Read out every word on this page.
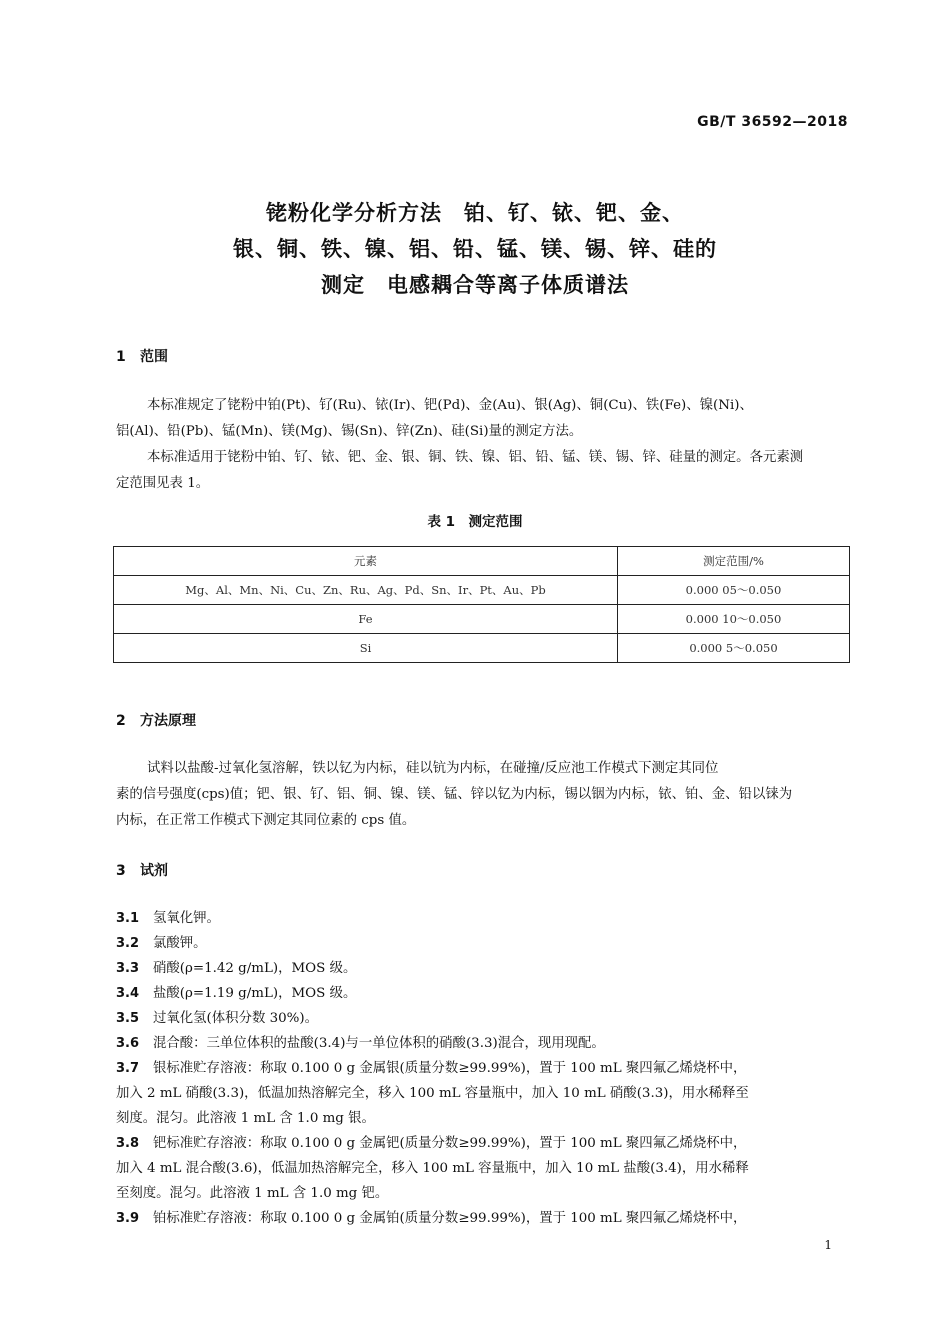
GB/T 36592—2018
铑粉化学分析方法　铂、钌、铱、钯、金、
银、铜、铁、镍、铝、铅、锰、镁、锡、锌、硅的
测定　电感耦合等离子体质谱法
1 范围
本标准规定了铑粉中铂(Pt)、钌(Ru)、铱(Ir)、钯(Pd)、金(Au)、银(Ag)、铜(Cu)、铁(Fe)、镍(Ni)、
铝(Al)、铅(Pb)、锰(Mn)、镁(Mg)、锡(Sn)、锌(Zn)、硅(Si)量的测定方法。
本标准适用于铑粉中铂、钌、铱、钯、金、银、铜、铁、镍、铝、铅、锰、镁、锡、锌、硅量的测定。各元素测
定范围见表 1。
表 1　测定范围
元素	测定范围/%
Mg、Al、Mn、Ni、Cu、Zn、Ru、Ag、Pd、Sn、Ir、Pt、Au、Pb	0.000 05～0.050
Fe	0.000 10～0.050
Si	0.000 5～0.050
2 方法原理
试料以盐酸-过氧化氢溶解，铁以钇为内标，硅以钪为内标，在碰撞/反应池工作模式下测定其同位
素的信号强度(cps)值；钯、银、钌、铝、铜、镍、镁、锰、锌以钇为内标，锡以铟为内标，铱、铂、金、铅以铼为
内标，在正常工作模式下测定其同位素的 cps 值。
3 试剂
3.1	氢氧化钾。
3.2	氯酸钾。
3.3	硝酸(ρ=1.42 g/mL)，MOS 级。
3.4	盐酸(ρ=1.19 g/mL)，MOS 级。
3.5	过氧化氢(体积分数 30%)。
3.6	混合酸：三单位体积的盐酸(3.4)与一单位体积的硝酸(3.3)混合，现用现配。
3.7	银标准贮存溶液：称取 0.100 0 g 金属银(质量分数≥99.99%)，置于 100 mL 聚四氟乙烯烧杯中，
加入 2 mL 硝酸(3.3)，低温加热溶解完全，移入 100 mL 容量瓶中，加入 10 mL 硝酸(3.3)，用水稀释至
刻度。混匀。此溶液 1 mL 含 1.0 mg 银。
3.8	钯标准贮存溶液：称取 0.100 0 g 金属钯(质量分数≥99.99%)，置于 100 mL 聚四氟乙烯烧杯中，
加入 4 mL 混合酸(3.6)，低温加热溶解完全，移入 100 mL 容量瓶中，加入 10 mL 盐酸(3.4)，用水稀释
至刻度。混匀。此溶液 1 mL 含 1.0 mg 钯。
3.9	铂标准贮存溶液：称取 0.100 0 g 金属铂(质量分数≥99.99%)，置于 100 mL 聚四氟乙烯烧杯中，
1
